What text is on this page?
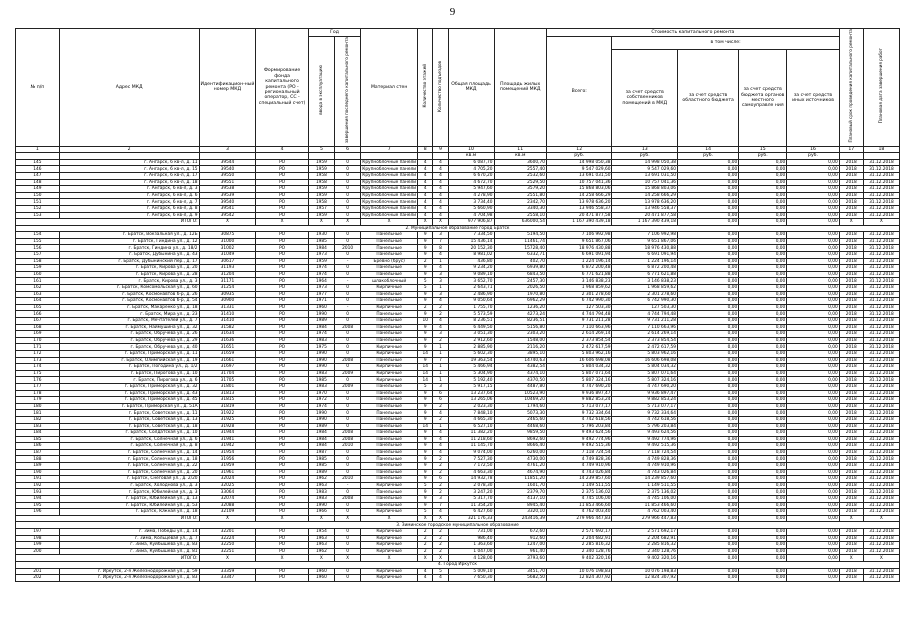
9
№ п/п	Адрес МКД	Идентификацион-ный номер МКД	Формирование фонда капитального ремонта (РО - региональный оператор, СС - специальный счет)	Год		Материал стен	Количество этажей	Количество подъездов	Общая площадь МКД	Площадь жилых помещений МКД	Стоимость капитального ремонта					Плановый срок проведения капитального ремонта	Плановая дата завершения работ
				ввода в эксплуатацию	завершения последнего капитального ремонта						Всего:	в том числе:					
												за счет средств собственников помещений в МКД	за счет средств областного бюджета	за счет средств бюджета органов местного самоуправле ния	за счет средств иных источников		
1	2	3	4	5	6	7	8	9	10	11	12	13	14	15	16	17	18
									кв.м	кв.м	руб.	руб.	руб.	руб.	руб.		
145	г. Ангарск, 6 кв-л, д. 11	39544	РО	1959	0	Крупноблочные панели	4	4	6 087,70	3600,70	14 998 050,38	14 998 050,38	0,00	0,00	0,00	2018	31.12.2018
146	г. Ангарск, 6 кв-л, д. 15	39540	РО	1959	0	Крупноблочные панели	4	4	4 705,20	2557,40	9 547 029,60	9 547 029,60	0,00	0,00	0,00	2018	31.12.2018
147	г. Ангарск, 6 кв-л, д. 17	39550	РО	1958	0	Крупноблочные панели	4	4	6 670,20	2532,60	13 691 031,50	13 691 031,50	0,00	0,00	0,00	2018	31.12.2018
148	г. Ангарск, 6 кв-л, д. 18	39551	РО	1958	0	Крупноблочные панели	4	4	4 672,70	2529,50	10 757 041,36	10 757 041,36	0,00	0,00	0,00	2018	31.12.2018
149	г. Ангарск, 6 кв-л, д. 3	39538	РО	1959	0	Крупноблочные панели	4	4	5 947,60	3579,20	15 868 803,06	15 868 803,06	0,00	0,00	0,00	2018	31.12.2018
150	г. Ангарск, 6 кв-л, д. 6	39539	РО	1959	0	Крупноблочные панели	4	4	4 278,90	2551,80	14 258 666,29	14 258 666,29	0,00	0,00	0,00	2018	31.12.2018
151	г. Ангарск, 6 кв-л, д. 7	39540	РО	1958	0	Крупноблочные панели	4	4	3 734,40	2342,70	13 978 636,20	13 978 636,20	0,00	0,00	0,00	2018	31.12.2018
152	г. Ангарск, 6 кв-л, д. 8	39541	РО	1957	0	Крупноблочные панели	4	4	5 660,90	3340,30	13 946 558,37	13 946 558,37	0,00	0,00	0,00	2018	31.12.2018
153	г. Ангарск, 6 кв-л, д. 9	39542	РО	1959	0	Крупноблочные панели	4	4	4 704,98	2558,10	20 471 877,58	20 471 877,58	0,00	0,00	0,00	2018	31.12.2018
ИТОГО:		X	X	X	X	X	X	X	977 906,87	636000,54	1 167 390 439,18	1 167 390 439,18	0,00	0,00	0,00	X	X
2. Муниципальное образование город Братск																	
154	г. Братск, Вокзальная ул., д. 12Б	30875	РО	1930	0	Панельные	9	3	7 334,50	5194,50	7 106 992,98	7 106 992,98	0,00	0,00	0,00	2018	31.12.2018
155	г. Братск, Гиндина ул., д. 12	31000	РО	1985	0	Панельные	9	7	15 436,14	11461,74	9 651 867,06	9 651 867,06	0,00	0,00	0,00	2018	31.12.2018
156	г. Братск, Гиндина ул., д. 18/2	31002	РО	1984	2010	Панельные	9	8	20 152,30	15728,40	18 976 430,88	18 976 430,88	0,00	0,00	0,00	2018	31.12.2018
157	г. Братск, Дубынина ул., д. 43	31049	РО	1973	0	Панельные	9	4	8 981,02	6332,71	6 691 091,94	6 691 091,94	0,00	0,00	0,00	2018	31.12.2018
158	г. Братск, Дубынинский пер., д. 17	30617	РО	1959	-	Бревно (брус)	2	1	436,80	402,70	1 224 196,14	1 224 196,14	0,00	0,00	0,00	2018	31.12.2018
159	г. Братск, Кирова ул., д. 20	31193	РО	1974	0	Панельные	9	4	9 234,20	6939,80	6 872 200,48	6 872 200,48	0,00	0,00	0,00	2018	31.12.2018
160	г. Братск, Кирова ул., д. 28	31204	РО	1974	0	Панельные	9	3	9 089,10	6843,50	6 771 621,88	6 771 621,88	0,00	0,00	0,00	2018	31.12.2018
161	г. Братск, Кирова ул., д. 3	31171	РО	1964	-	шлакоблочный	5	3	3 652,70	2457,30	3 146 838,23	3 146 838,23	0,00	0,00	0,00	2018	31.12.2018
162	г. Братск, Комсомольская ул., д. 60	31254	РО	1973	0	Кирпичные	5	1	2 643,71	2026,50	1 968 859,62	1 968 859,62	0,00	0,00	0,00	2018	31.12.2018
163	г. Братск, Космонавтов б-р, д. 26	30935	РО	1977	0	Панельные	9	3	2 486,90	1970,80	2 301 278,60	2 301 278,60	0,00	0,00	0,00	2018	31.12.2018
164	г. Братск, Космонавтов б-р, д. 54	30900	РО	1971	0	Панельные	9	4	9 050,64	6962,29	6 742 990,30	6 742 990,30	0,00	0,00	0,00	2018	31.12.2018
165	г. Братск, Макаренко ул., д. 18	31331	РО	1960	-	Кирпичные	2	2	1 755,70	1236,20	127 503,30	127 503,30	0,00	0,00	0,00	2018	31.12.2018
166	г. Братск, Мира ул., д. 23	31410	РО	1990	0	Панельные	9	2	5 573,59	4273,24	4 744 794,48	4 744 794,48	0,00	0,00	0,00	2018	31.12.2018
167	г. Братск, Мечтателей ул., д. 7	31410	РО	1989	0	Панельные	10	4	8 236,51	8236,51	9 731 211,28	9 731 211,28	0,00	0,00	0,00	2018	31.12.2018
168	г. Братск, Наймушина ул., д. 32	31582	РО	1984	2008	Панельные	9	4	6 449,50	5156,80	7 110 663,96	7 110 663,96	0,00	0,00	0,00	2018	31.12.2018
169	г. Братск, Обручева ул., д. 26	31634	РО	1974	0	Панельные	9	3	3 051,30	2303,20	2 614 269,14	2 614 269,14	0,00	0,00	0,00	2018	31.12.2018
170	г. Братск, Обручева ул., д. 29	31636	РО	1983	0	Панельные	9	2	2 912,60	1548,00	2 373 854,54	2 373 854,54	0,00	0,00	0,00	2018	31.12.2018
171	г. Братск, Обручева ул., д. 40	31651	РО	1975	0	Кирпичные	9	1	2 885,90	2116,20	2 472 617,59	2 472 617,59	0,00	0,00	0,00	2018	31.12.2018
172	г. Братск, Приморская ул., д. 11	31659	РО	1990	0	Кирпичные	14	1	5 602,30	3895,10	5 803 962,16	5 803 962,16	0,00	0,00	0,00	2018	31.12.2018
173	г. Братск, Олимпийская ул., д. 19	31661	РО	1990	2008	Панельные	9	7	19 363,54	14740,63	16 606 698,08	16 606 698,08	0,00	0,00	0,00	2018	31.12.2018
174	г. Братск, Погодина ул., д. 1/2	31697	РО	1990	0	Кирпичные	14	1	5 466,94	4382,54	5 804 034,32	5 804 034,32	0,00	0,00	0,00	2018	31.12.2018
175	г. Братск, Пирогова ул., д. 10	31704	РО	1983	2009	Кирпичные	14	1	5 304,90	4374,10	5 807 071,64	5 807 071,64	0,00	0,00	0,00	2018	31.12.2018
176	г. Братск, Пирогова ул., д. 6	31705	РО	1985	0	Кирпичные	14	1	5 192,40	4370,50	5 807 324,16	5 807 324,16	0,00	0,00	0,00	2018	31.12.2018
177	г. Братск, Приморская ул., д. 32	31801	РО	1983	2009	Панельные	5	3	5 917,15	4487,80	4 747 690,20	4 747 690,20	0,00	0,00	0,00	2018	31.12.2018
178	г. Братск, Приморская ул., д. 43	31813	РО	1970	0	Панельные	9	6	13 237,64	10523,90	9 936 897,47	9 936 897,47	0,00	0,00	0,00	2018	31.12.2018
179	г. Братск, Приморская ул., д. 45	31815	РО	1972	0	Панельные	9	6	13 265,06	10469,20	9 882 853,24	9 882 853,24	0,00	0,00	0,00	2018	31.12.2018
180	г. Братск, Приморская ул., д. 51А	31819	РО	1974	0	Панельные	9	2	2 023,30	1794,60	5 713 077,17	5 713 077,17	0,00	0,00	0,00	2018	31.12.2018
181	г. Братск, Советская ул., д. 11	31922	РО	1990	0	Панельные	9	4	7 848,10	5073,30	9 732 334,64	9 732 334,64	0,00	0,00	0,00	2018	31.12.2018
182	г. Братск, Советская ул., д. 13	31925	РО	1990	0	Панельные	9	2	4 665,30	2465,60	4 742 618,56	4 742 618,56	0,00	0,00	0,00	2018	31.12.2018
183	г. Братск, Советская ул., д. 18	31928	РО	1989	0	Панельные	14	1	6 527,10	4468,60	5 796 203,84	5 796 203,84	0,00	0,00	0,00	2018	31.12.2018
184	г. Братск, Солдатская ул., д. 10	31944	РО	1984	2008	Панельные	9	4	11 382,20	9859,50	9 493 624,56	9 493 624,56	0,00	0,00	0,00	2018	31.12.2018
185	г. Братск, Солнечная ул., д. 6	31941	РО	1984	2008	Панельные	9	4	11 218,60	8692,60	9 492 774,96	9 492 774,96	0,00	0,00	0,00	2018	31.12.2018
186	г. Братск, Солнечная ул., д. 8	31942	РО	1984	2010	Панельные	9	4	11 145,70	8666,40	9 492 515,36	9 492 515,36	0,00	0,00	0,00	2018	31.12.2018
187	г. Братск, Солнечная ул., д. 14	31954	РО	1987	0	Панельные	9	4	9 074,00	6260,00	7 118 724,54	7 118 724,54	0,00	0,00	0,00	2018	31.12.2018
188	г. Братск, Солнечная ул., д. 18	31956	РО	1985	0	Панельные	9	2	7 527,30	4730,00	4 749 828,36	4 749 828,36	0,00	0,00	0,00	2018	31.12.2018
189	г. Братск, Солнечная ул., д. 22	31959	РО	1985	0	Панельные	9	2	7 172,50	4761,20	4 749 910,96	4 749 910,96	0,00	0,00	0,00	2018	31.12.2018
190	г. Братск, Солнечная ул., д. 20	31961	РО	1989	0	Панельные	9	2	4 663,30	4674,90	4 743 026,84	4 743 026,84	0,00	0,00	0,00	2018	31.12.2018
191	г. Братск, Снеговая ул., д. 2/20	32024	РО	1962	2010	Панельные	9	6	14 932,78	11851,20	14 239 857,60	14 239 857,60	0,00	0,00	0,00	2018	31.12.2018
192	г. Братск, Холоднова ул., д. 3	32025	РО	1963	-	Кирпичные	5	2	2 078,30	1601,70	1 149 511,55	1 149 511,55	0,00	0,00	0,00	2018	31.12.2018
193	г. Братск, Юбилейная ул., д. 3	33064	РО	1983	0	Панельные	9	2	3 247,20	2379,70	2 375 136,02	2 375 136,02	0,00	0,00	0,00	2018	31.12.2018
194	г. Братск, Юбилейная ул., д. 13	32074	РО	1983	2008	Панельные	9	3	5 317,70	4137,10	4 745 106,00	4 745 106,00	0,00	0,00	0,00	2018	31.12.2018
195	г. Братск, Юбилейная ул., д. 53	32088	РО	1990	0	Панельные	9	7	11 354,20	8945,40	11 853 466,60	11 853 466,60	0,00	0,00	0,00	2018	31.12.2018
196	г. Братск, Южная ул., д. 18	32109	РО	1966	0	Кирпичные	5	4	6 427,60	3320,10	4 762 003,40	4 762 003,40	0,00	0,00	0,00	2018	31.12.2018
ИТОГО:		X	X	X	X	X	X	X	321 176,33	243416,39	279 966 447,83	279 966 447,83	0,00	0,00	0,00	X	X
3. Зиминское городское муниципальное образование																	
197	г. Зима, Победы ул., д. 14	32201	РО	1954	0	Кирпичные	2	2	731,00	672,60	2 571 692,17	2 571 692,17	0,00	0,00	0,00	2018	31.12.2018
198	г. Зима, Кольцевая ул., д. 7	32224	РО	1963	0	Кирпичные	2	2	986,40	912,60	2 204 682,91	2 204 682,91	0,00	0,00	0,00	2018	31.12.2018
199	г. Зима, Куйбышева ул., д. 83	32250	РО	1963	0	Кирпичные	2	2	1 363,60	1247,00	2 285 816,32	2 285 816,32	0,00	0,00	0,00	2018	31.12.2018
200	г. Зима, Куйбышева ул., д. 81	32251	РО	1962	0	Кирпичные	2	2	1 047,00	961,40	2 340 128,76	2 340 128,76	0,00	0,00	0,00	2018	31.12.2018
ИТОГО:		X	X	X	X	X	X	X	4 128,00	3793,60	9 402 320,16	9 402 320,16	0,00	0,00	0,00	X	X
4. Город Иркутск																	
201	г. Иркутск, 2-я Железнодорожная ул., д. 59	33359	РО	1960	0	Кирпичные	4	5	5 009,10	3451,70	10 076 198,83	10 076 198,83	0,00	0,00	0,00	2018	31.12.2018
202	г. Иркутск, 2-я Железнодорожная ул., д. 83	33347	РО	1960	0	Кирпичные	4	4	7 650,30	5682,50	12 824 307,92	12 824 307,92	0,00	0,00	0,00	2018	31.12.2018
